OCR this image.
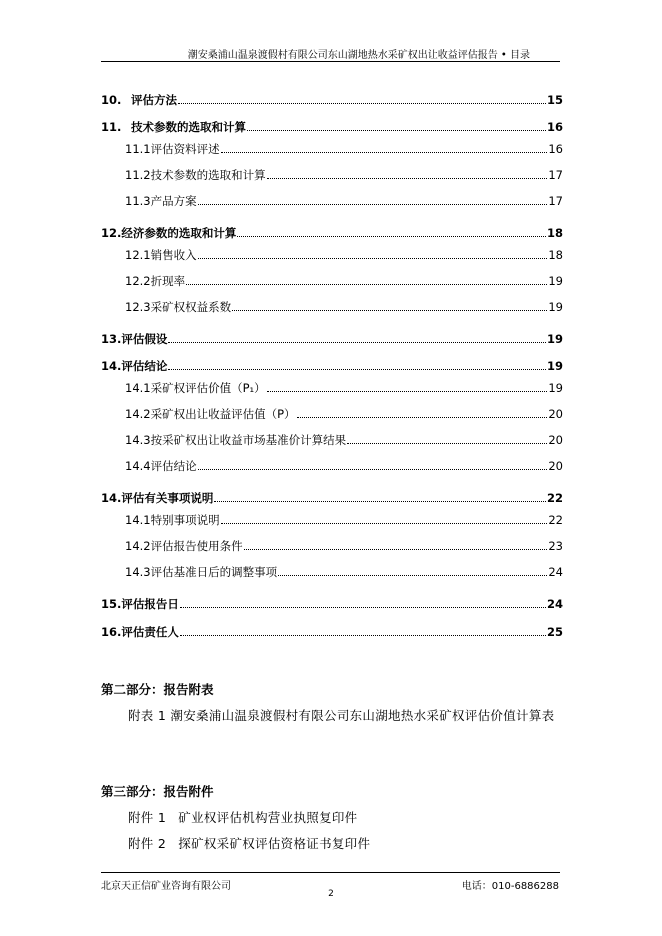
潮安桑浦山温泉渡假村有限公司东山湖地热水采矿权出让收益评估报告 • 目录
10. 评估方法	15
11. 技术参数的选取和计算	16
11.1 评估资料评述	16
11.2 技术参数的选取和计算	17
11.3 产品方案	17
12. 经济参数的选取和计算	18
12.1 销售收入	18
12.2 折现率	19
12.3 采矿权权益系数	19
13. 评估假设	19
14. 评估结论	19
14.1 采矿权评估价值（P₁）	19
14.2 采矿权出让收益评估值（P）	20
14.3 按采矿权出让收益市场基准价计算结果	20
14.4 评估结论	20
14. 评估有关事项说明	22
14.1 特别事项说明	22
14.2 评估报告使用条件	23
14.3 评估基准日后的调整事项	24
15. 评估报告日	24
16. 评估责任人	25
第二部分：报告附表
附表 1 潮安桑浦山温泉渡假村有限公司东山湖地热水采矿权评估价值计算表
第三部分：报告附件
附件 1 矿业权评估机构营业执照复印件
附件 2 探矿权采矿权评估资格证书复印件
北京天正信矿业咨询有限公司	电话：010-6886288
2
